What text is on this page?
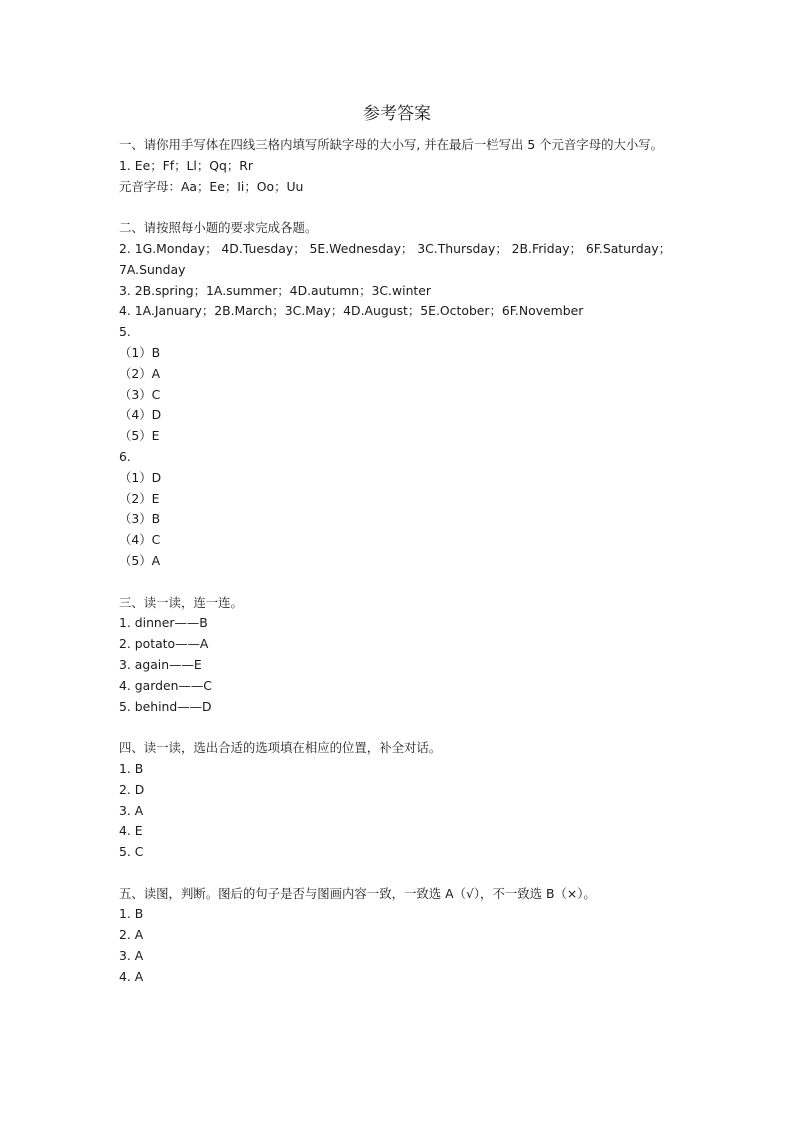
参考答案
一、请你用手写体在四线三格内填写所缺字母的大小写, 并在最后一栏写出 5 个元音字母的大小写。
1. Ee；Ff；Ll；Qq；Rr
元音字母：Aa；Ee；Ii；Oo；Uu
二、请按照每小题的要求完成各题。
2. 1G.Monday； 4D.Tuesday； 5E.Wednesday； 3C.Thursday； 2B.Friday； 6F.Saturday；
7A.Sunday
3. 2B.spring；1A.summer；4D.autumn；3C.winter
4. 1A.January；2B.March；3C.May；4D.August；5E.October；6F.November
5.
（1）B
（2）A
（3）C
（4）D
（5）E
6.
（1）D
（2）E
（3）B
（4）C
（5）A
三、读一读，连一连。
1. dinner——B
2. potato——A
3. again——E
4. garden——C
5. behind——D
四、读一读，选出合适的选项填在相应的位置，补全对话。
1. B
2. D
3. A
4. E
5. C
五、读图，判断。图后的句子是否与图画内容一致，一致选 A（√），不一致选 B（×）。
1. B
2. A
3. A
4. A
